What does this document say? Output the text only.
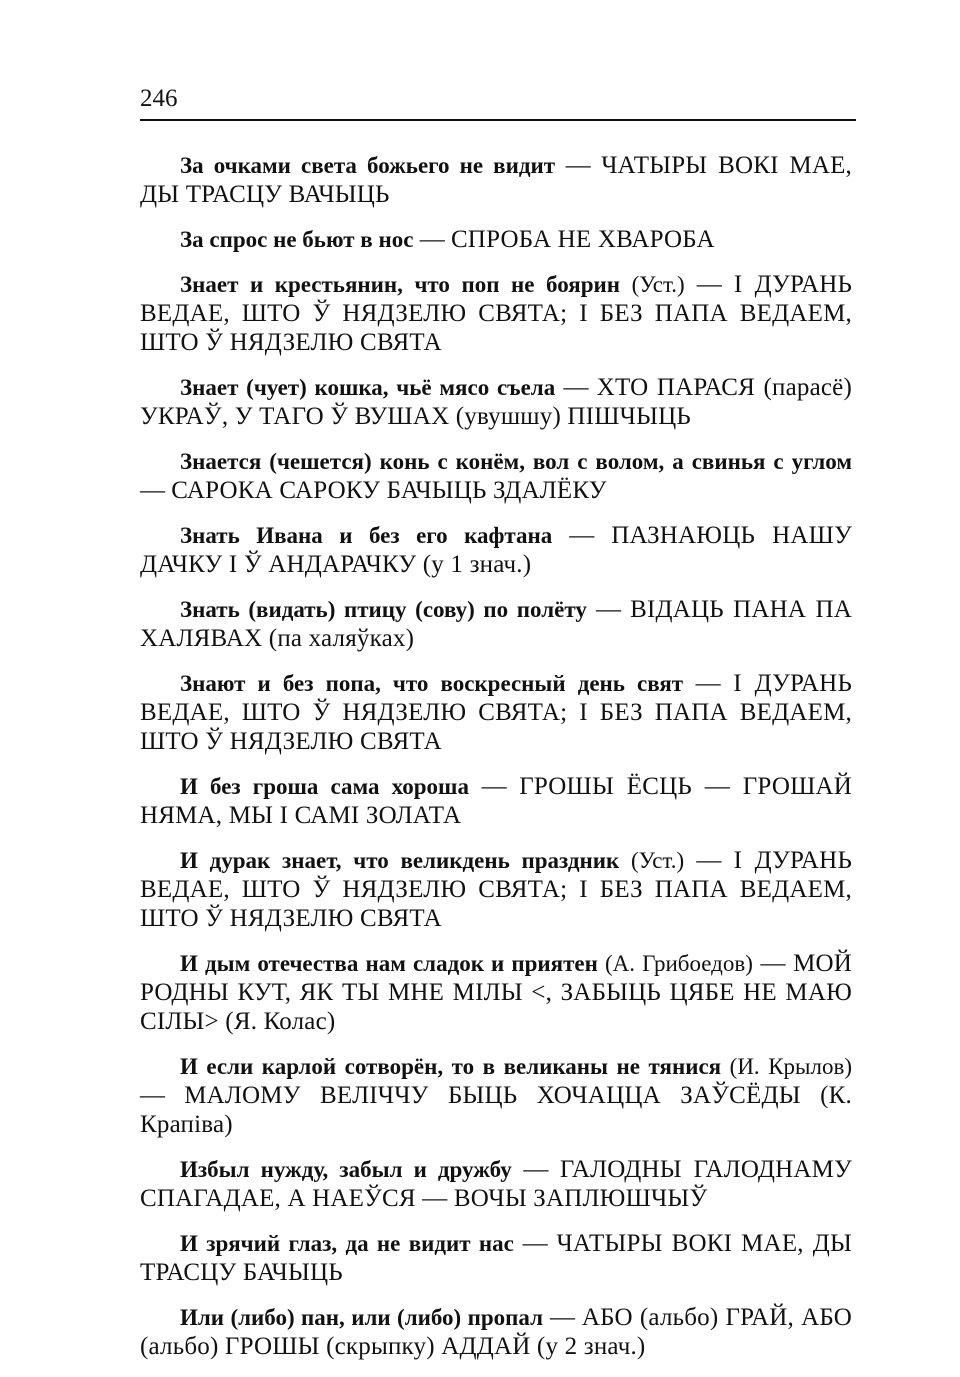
246

За очками света божьего не видит — ЧАТЫРЫ ВОКІ МАЕ, ДЫ ТРАСЦУ ВАЧЫЦЬ

За спрос не бьют в нос — СПРОБА НЕ ХВАРОБА

Знает и крестьянин, что поп не боярин (Уст.) — І ДУРАНЬ ВЕДАЕ, ШТО Ў НЯДЗЕЛЮ СВЯТА; І БЕЗ ПАПА ВЕДАЕМ, ШТО Ў НЯДЗЕЛЮ СВЯТА

Знает (чует) кошка, чьё мясо съела — ХТО ПАРАСЯ (парасё) УКРАЎ, У ТАГО Ў ВУШАХ (увушшу) ПІШЧЫЦЬ

Знается (чешется) конь с конём, вол с волом, а свинья с углом — САРОКА САРОКУ БАЧЫЦЬ ЗДАЛЁКУ

Знать Ивана и без его кафтана — ПАЗНАЮЦЬ НАШУ ДАЧКУ І Ў АНДАРАЧКУ (у 1 знач.)

Знать (видать) птицу (сову) по полёту — ВІДАЦЬ ПАНА ПА ХАЛЯВАХ (па халяўках)

Знают и без попа, что воскресный день свят — І ДУРАНЬ ВЕДАЕ, ШТО Ў НЯДЗЕЛЮ СВЯТА; І БЕЗ ПАПА ВЕДАЕМ, ШТО Ў НЯДЗЕЛЮ СВЯТА

И без гроша сама хороша — ГРОШЫ ЁСЦЬ — ГРОШАЙ НЯМА, МЫ І САМІ ЗОЛАТА

И дурак знает, что великдень праздник (Уст.) — І ДУРАНЬ ВЕДАЕ, ШТО Ў НЯДЗЕЛЮ СВЯТА; І БЕЗ ПАПА ВЕДАЕМ, ШТО Ў НЯДЗЕЛЮ СВЯТА

И дым отечества нам сладок и приятен (А. Грибоедов) — МОЙ РОДНЫ КУТ, ЯК ТЫ МНЕ МІЛЫ <, ЗАБЫЦЬ ЦЯБЕ НЕ МАЮ СІЛЫ> (Я. Колас)

И если карлой сотворён, то в великаны не тянися (И. Крылов) — МАЛОМУ ВЕЛІЧЧУ БЫЦЬ ХОЧАЦЦА ЗАЎСЁДЫ (К. Крапіва)

Избыл нужду, забыл и дружбу — ГАЛОДНЫ ГАЛОДНАМУ СПАГАДАЕ, А НАЕЎСЯ — ВОЧЫ ЗАПЛЮШЧЫЎ

И зрячий глаз, да не видит нас — ЧАТЫРЫ ВОКІ МАЕ, ДЫ ТРАСЦУ БАЧЫЦЬ

Или (либо) пан, или (либо) пропал — АБО (альбо) ГРАЙ, АБО (альбо) ГРОШЫ (скрыпку) АДДАЙ (у 2 знач.)
